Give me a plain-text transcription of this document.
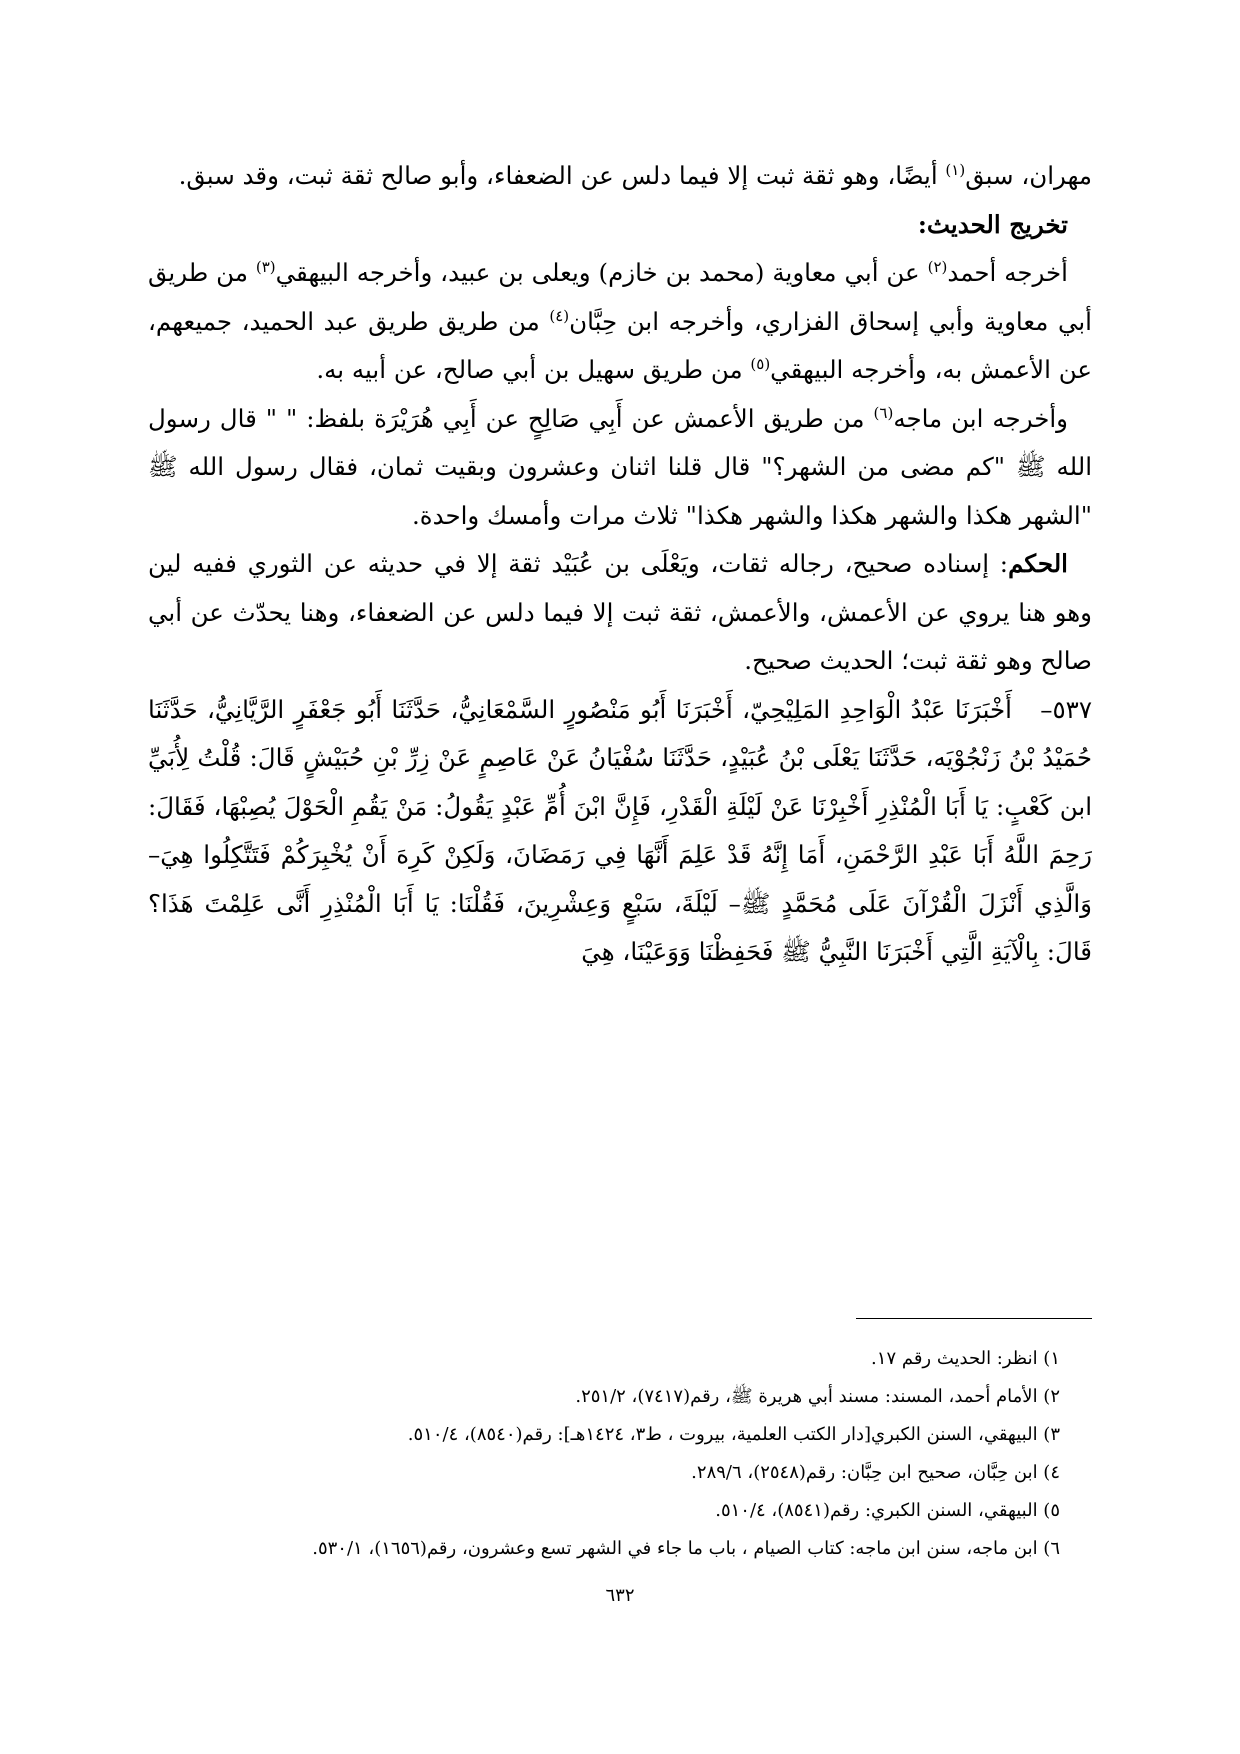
مهران، سبق$^{(١)}$ أيضًا، وهو ثقة ثبت إلا فيما دلس عن الضعفاء، وأبو صالح ثقة ثبت، وقد سبق.

تخريج الحديث:

أخرجه أحمد$^{(٢)}$ عن أبي معاوية (محمد بن خازم) ويعلى بن عبيد، وأخرجه البيهقي$^{(٣)}$ من طريق أبي معاوية وأبي إسحاق الفزاري، وأخرجه ابن حِبَّان$^{(٤)}$ من طريق طريق عبد الحميد، جميعهم، عن الأعمش به، وأخرجه البيهقي$^{(٥)}$ من طريق سهيل بن أبي صالح، عن أبيه به.

وأخرجه ابن ماجه$^{(٦)}$ من طريق الأعمش عن أَبِي صَالِحٍ عن أَبِي هُرَيْرَة بلفظ: " " قال رسول الله ﷺ "كم مضى من الشهر؟" قال قلنا اثنان وعشرون وبقيت ثمان، فقال رسول الله ﷺ "الشهر هكذا والشهر هكذا والشهر هكذا" ثلاث مرات وأمسك واحدة.

الحكم: إسناده صحيح، رجاله ثقات، ويَعْلَى بن عُبَيْد ثقة إلا في حديثه عن الثوري ففيه لين وهو هنا يروي عن الأعمش، والأعمش، ثقة ثبت إلا فيما دلس عن الضعفاء، وهنا يحدّث عن أبي صالح وهو ثقة ثبت؛ الحديث صحيح.

٥٣٧–أَخْبَرَنَا عَبْدُ الْوَاحِدِ المَلِيْحِيّ، أَخْبَرَنَا أَبُو مَنْصُورٍ السَّمْعَانِيُّ، حَدَّثَنَا أَبُو جَعْفَرٍ الرَّيَّانِيُّ، حَدَّثَنَا حُمَيْدُ بْنُ زَنْجُوْيَه، حَدَّثَنَا يَعْلَى بْنُ عُبَيْدٍ، حَدَّثَنَا سُفْيَانُ عَنْ عَاصِمٍ عَنْ زِرِّ بْنِ حُبَيْشٍ قَالَ: قُلْتُ لِأُبَيِّ ابن كَعْبٍ: يَا أَبَا الْمُنْذِرِ أَخْبِرْنَا عَنْ لَيْلَةِ الْقَدْرِ، فَإِنَّ ابْنَ أُمِّ عَبْدٍ يَقُولُ: مَنْ يَقُمِ الْحَوْلَ يُصِبْهَا، فَقَالَ: رَحِمَ اللَّهُ أَبَا عَبْدِ الرَّحْمَنِ، أَمَا إِنَّهُ قَدْ عَلِمَ أَنَّهَا فِي رَمَضَانَ، وَلَكِنْ كَرِهَ أَنْ يُخْبِرَكُمْ فَتَتَّكِلُوا هِيَ– وَالَّذِي أَنْزَلَ الْقُرْآنَ عَلَى مُحَمَّدٍ ﷺ– لَيْلَةَ، سَبْعٍ وَعِشْرِينَ، فَقُلْنَا: يَا أَبَا الْمُنْذِرِ أَنَّى عَلِمْتَ هَذَا؟ قَالَ: بِالْآيَةِ الَّتِي أَخْبَرَنَا النَّبِيُّ ﷺ فَحَفِظْنَا وَوَعَيْنَا، هِيَ

١) انظر: الحديث رقم ١٧.

٢) الأمام أحمد، المسند: مسند أبي هريرة ﷺ، رقم(٧٤١٧)، ٢٥١/٢.

٣) البيهقي، السنن الكبري[دار الكتب العلمية، بيروت ، ط٣، ١٤٢٤هـ]: رقم(٨٥٤٠)، ٥١٠/٤.

٤) ابن حِبَّان، صحيح ابن حِبَّان: رقم(٢٥٤٨)، ٢٨٩/٦.

٥) البيهقي، السنن الكبري: رقم(٨٥٤١)، ٥١٠/٤.

٦) ابن ماجه، سنن ابن ماجه: كتاب الصيام ، باب ما جاء في الشهر تسع وعشرون، رقم(١٦٥٦)، ٥٣٠/١.

٦٣٢
